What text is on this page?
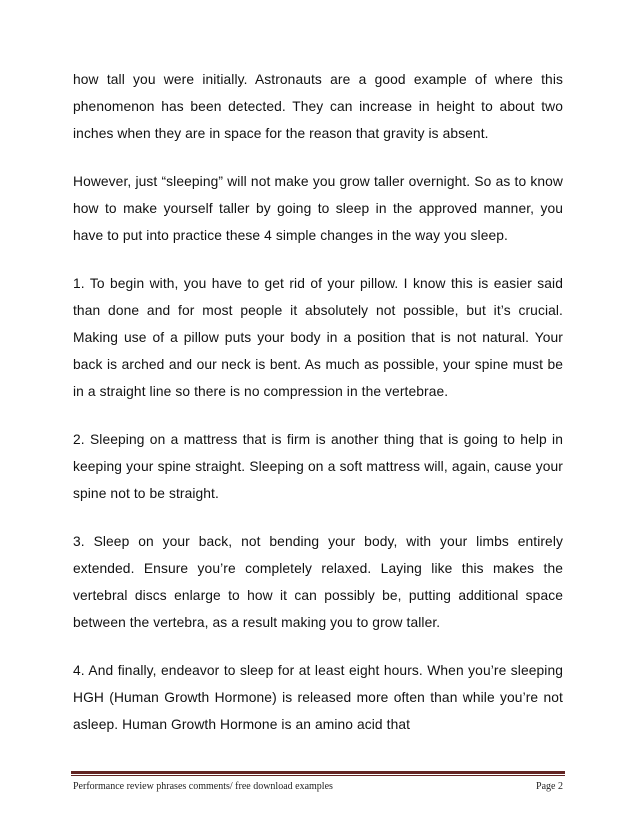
how tall you were initially. Astronauts are a good example of where this phenomenon has been detected. They can increase in height to about two inches when they are in space for the reason that gravity is absent.

However, just “sleeping” will not make you grow taller overnight. So as to know how to make yourself taller by going to sleep in the approved manner, you have to put into practice these 4 simple changes in the way you sleep.

1. To begin with, you have to get rid of your pillow. I know this is easier said than done and for most people it absolutely not possible, but it’s crucial. Making use of a pillow puts your body in a position that is not natural. Your back is arched and our neck is bent. As much as possible, your spine must be in a straight line so there is no compression in the vertebrae.

2. Sleeping on a mattress that is firm is another thing that is going to help in keeping your spine straight. Sleeping on a soft mattress will, again, cause your spine not to be straight.

3. Sleep on your back, not bending your body, with your limbs entirely extended. Ensure you’re completely relaxed. Laying like this makes the vertebral discs enlarge to how it can possibly be, putting additional space between the vertebra, as a result making you to grow taller.

4. And finally, endeavor to sleep for at least eight hours. When you’re sleeping HGH (Human Growth Hormone) is released more often than while you’re not asleep. Human Growth Hormone is an amino acid that

Performance review phrases comments/ free download examples	Page 2
